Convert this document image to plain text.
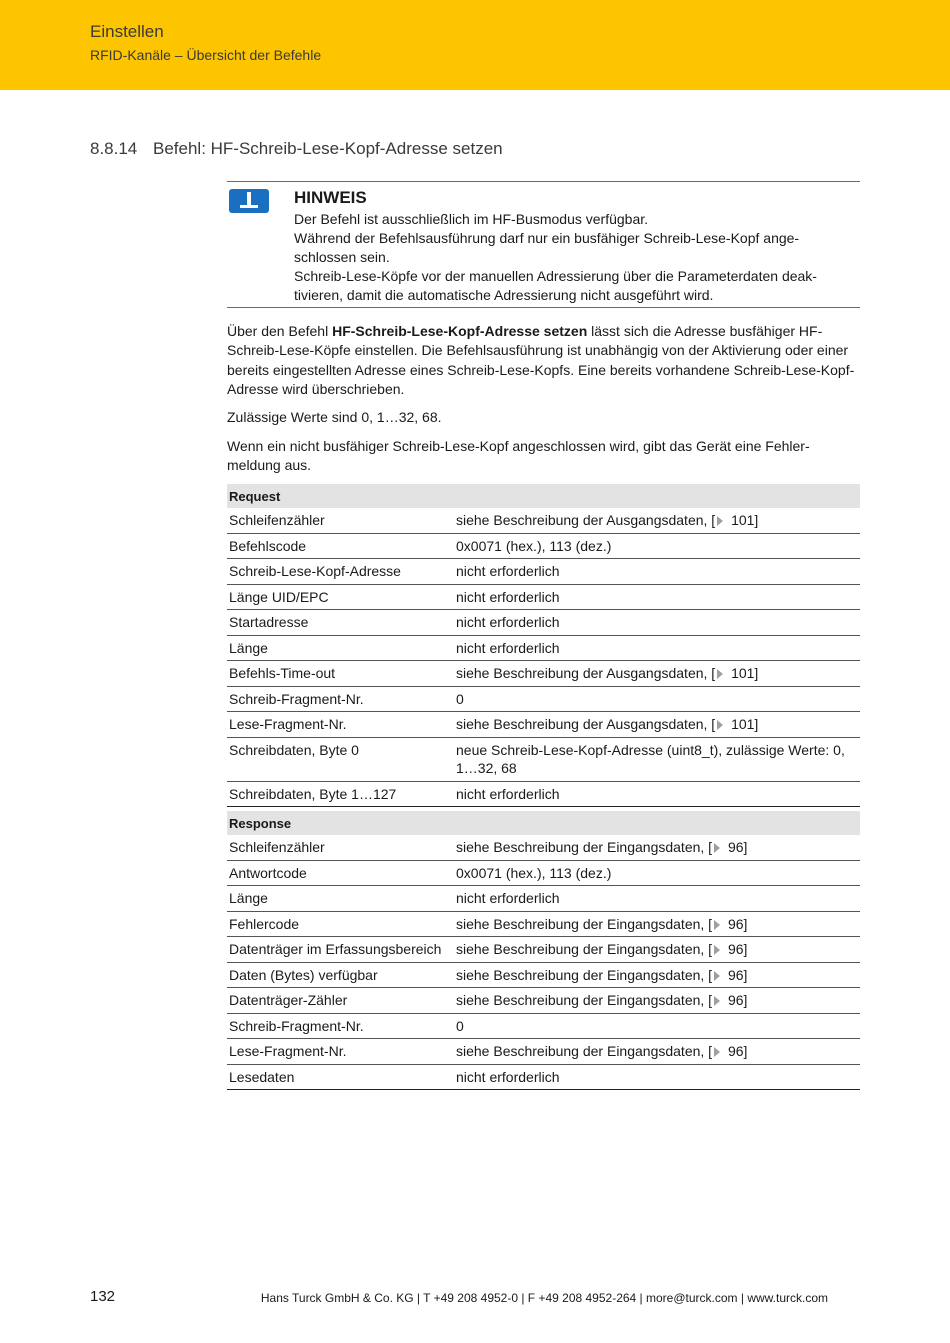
Einstellen
RFID-Kanäle – Übersicht der Befehle
8.8.14 Befehl: HF-Schreib-Lese-Kopf-Adresse setzen
HINWEIS

Der Befehl ist ausschließlich im HF-Busmodus verfügbar.

Während der Befehlsausführung darf nur ein busfähiger Schreib-Lese-Kopf ange-schlossen sein.

Schreib-Lese-Köpfe vor der manuellen Adressierung über die Parameterdaten deak-tivieren, damit die automatische Adressierung nicht ausgeführt wird.

Über den Befehl HF-Schreib-Lese-Kopf-Adresse setzen lässt sich die Adresse busfähiger HF-Schreib-Lese-Köpfe einstellen. Die Befehlsausführung ist unabhängig von der Aktivierung oder einer bereits eingestellten Adresse eines Schreib-Lese-Kopfs. Eine bereits vorhandene Schreib-Lese-Kopf-Adresse wird überschrieben.

Zulässige Werte sind 0, 1…32, 68.

Wenn ein nicht busfähiger Schreib-Lese-Kopf angeschlossen wird, gibt das Gerät eine Fehler-meldung aus.

Request	
Schleifenzähler	siehe Beschreibung der Ausgangsdaten, [ 101]
Befehlscode	0x0071 (hex.), 113 (dez.)
Schreib-Lese-Kopf-Adresse	nicht erforderlich
Länge UID/EPC	nicht erforderlich
Startadresse	nicht erforderlich
Länge	nicht erforderlich
Befehls-Time-out	siehe Beschreibung der Ausgangsdaten, [ 101]
Schreib-Fragment-Nr.	0
Lese-Fragment-Nr.	siehe Beschreibung der Ausgangsdaten, [ 101]
Schreibdaten, Byte 0	neue Schreib-Lese-Kopf-Adresse (uint8_t), zulässige Werte: 0, 1…32, 68
Schreibdaten, Byte 1…127	nicht erforderlich
Response	
Schleifenzähler	siehe Beschreibung der Eingangsdaten, [ 96]
Antwortcode	0x0071 (hex.), 113 (dez.)
Länge	nicht erforderlich
Fehlercode	siehe Beschreibung der Eingangsdaten, [ 96]
Datenträger im Erfassungsbereich	siehe Beschreibung der Eingangsdaten, [ 96]
Daten (Bytes) verfügbar	siehe Beschreibung der Eingangsdaten, [ 96]
Datenträger-Zähler	siehe Beschreibung der Eingangsdaten, [ 96]
Schreib-Fragment-Nr.	0
Lese-Fragment-Nr.	siehe Beschreibung der Eingangsdaten, [ 96]
Lesedaten	nicht erforderlich
132	Hans Turck GmbH & Co. KG | T +49 208 4952-0 | F +49 208 4952-264 | more@turck.com | www.turck.com
